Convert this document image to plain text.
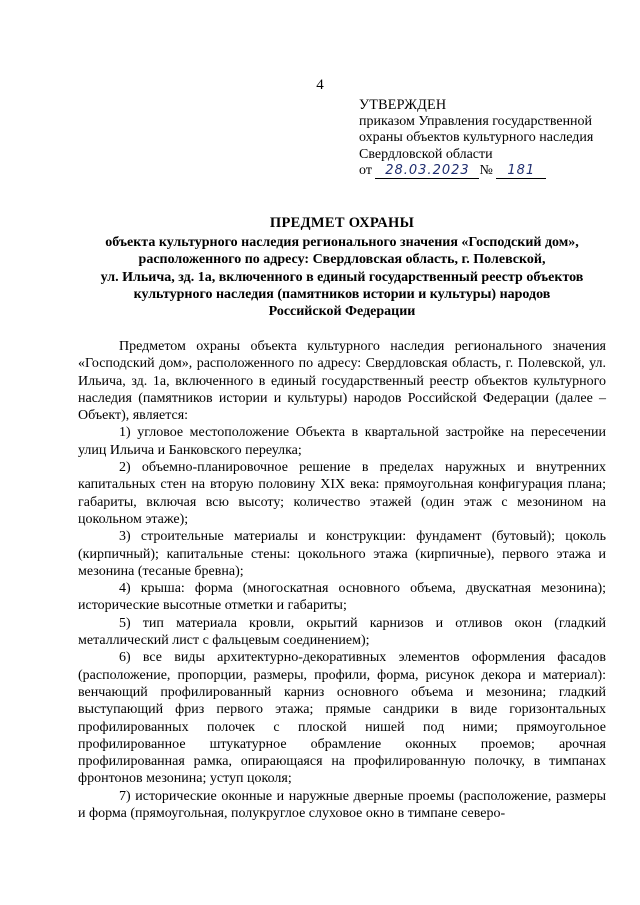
4
УТВЕРЖДЕН
приказом Управления государственной
охраны объектов культурного наследия
Свердловской области
от 28.03.2023 № 181
ПРЕДМЕТ ОХРАНЫ
объекта культурного наследия регионального значения «Господский дом»,
расположенного по адресу: Свердловская область, г. Полевской,
ул. Ильича, зд. 1а, включенного в единый государственный реестр объектов
культурного наследия (памятников истории и культуры) народов
Российской Федерации

Предметом охраны объекта культурного наследия регионального значения «Господский дом», расположенного по адресу: Свердловская область, г. Полевской, ул. Ильича, зд. 1а, включенного в единый государственный реестр объектов культурного наследия (памятников истории и культуры) народов Российской Федерации (далее – Объект), является:

1) угловое местоположение Объекта в квартальной застройке на пересечении улиц Ильича и Банковского переулка;

2) объемно-планировочное решение в пределах наружных и внутренних капитальных стен на вторую половину XIX века: прямоугольная конфигурация плана; габариты, включая всю высоту; количество этажей (один этаж с мезонином на цокольном этаже);

3) строительные материалы и конструкции: фундамент (бутовый); цоколь (кирпичный); капитальные стены: цокольного этажа (кирпичные), первого этажа и мезонина (тесаные бревна);

4) крыша: форма (многоскатная основного объема, двускатная мезонина); исторические высотные отметки и габариты;

5) тип материала кровли, окрытий карнизов и отливов окон (гладкий металлический лист с фальцевым соединением);

6) все виды архитектурно-декоративных элементов оформления фасадов (расположение, пропорции, размеры, профили, форма, рисунок декора и материал): венчающий профилированный карниз основного объема и мезонина; гладкий выступающий фриз первого этажа; прямые сандрики в виде горизонтальных профилированных полочек с плоской нишей под ними; прямоугольное профилированное штукатурное обрамление оконных проемов; арочная профилированная рамка, опирающаяся на профилированную полочку, в тимпанах фронтонов мезонина; уступ цоколя;

7) исторические оконные и наружные дверные проемы (расположение, размеры и форма (прямоугольная, полукруглое слуховое окно в тимпане северо-
